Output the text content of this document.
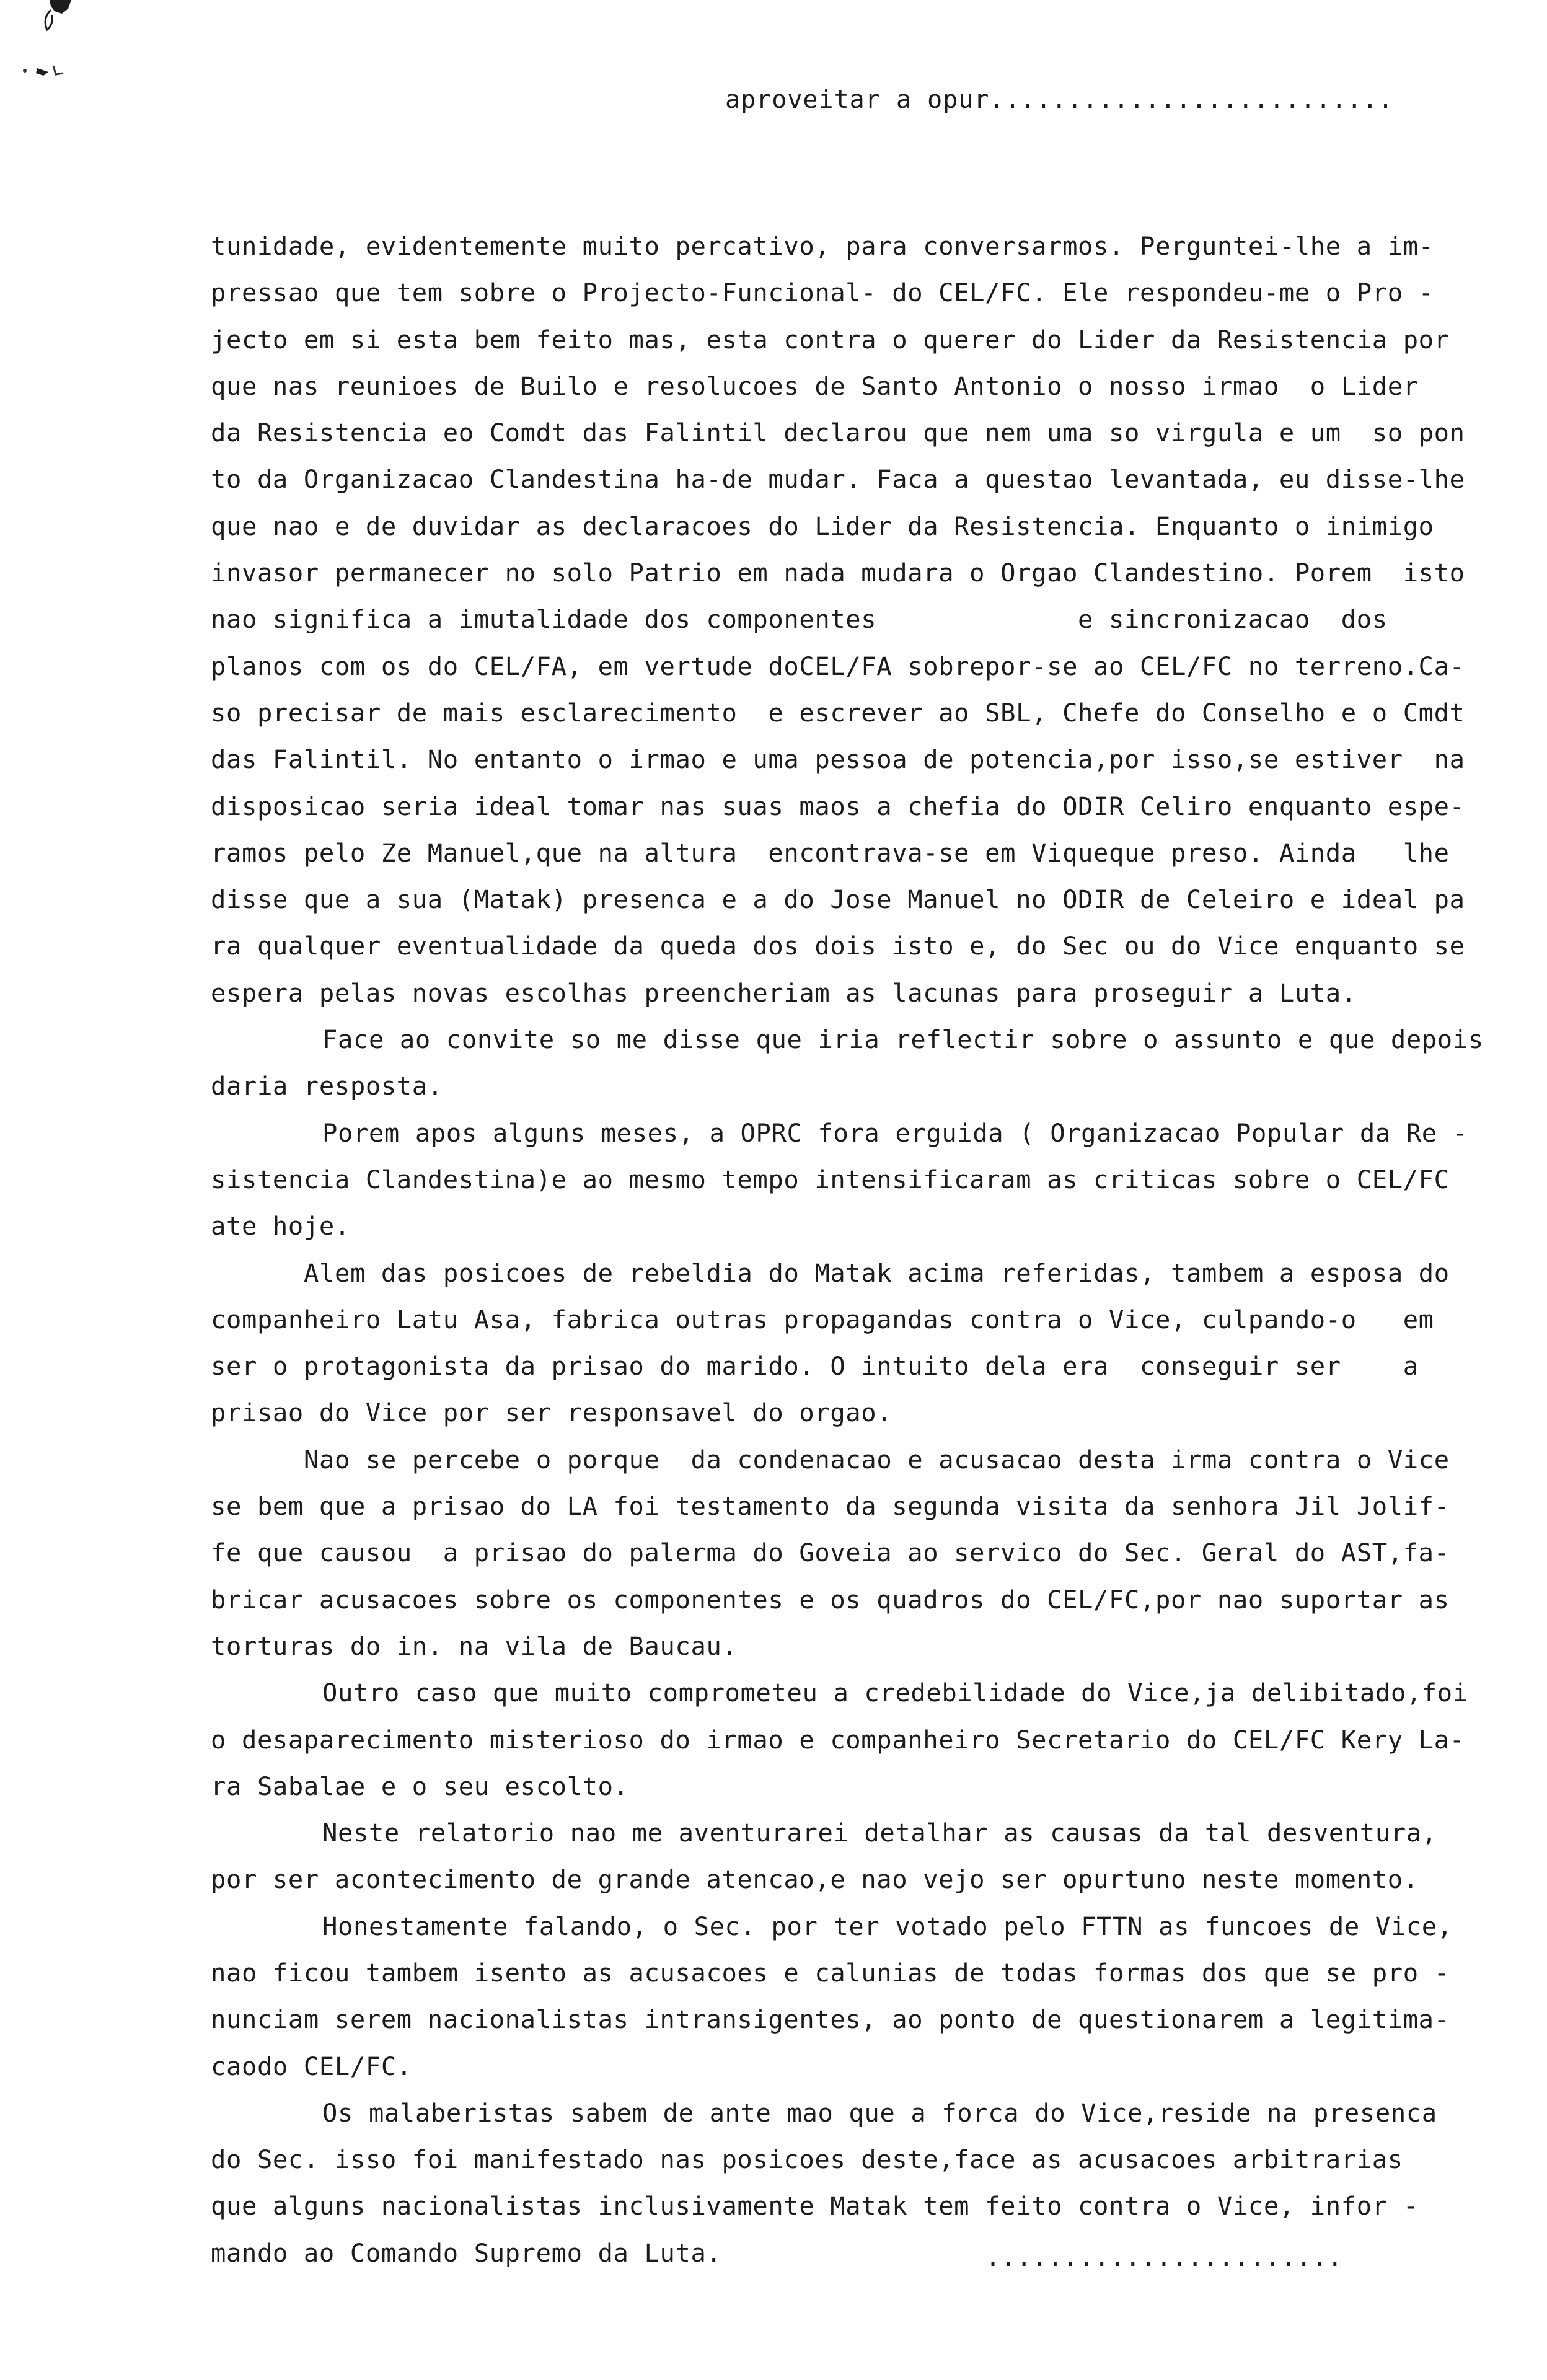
aproveitar a opur..........................
tunidade, evidentemente muito percativo, para conversarmos. Perguntei-lhe a im-
pressao que tem sobre o Projecto-Funcional- do CEL/FC. Ele respondeu-me o Pro -
jecto em si esta bem feito mas, esta contra o querer do Lider da Resistencia por
que nas reunioes de Builo e resolucoes de Santo Antonio o nosso irmao  o Lider
da Resistencia eo Comdt das Falintil declarou que nem uma so virgula e um  so pon
to da Organizacao Clandestina ha-de mudar. Faca a questao levantada, eu disse-lhe
que nao e de duvidar as declaracoes do Lider da Resistencia. Enquanto o inimigo
invasor permanecer no solo Patrio em nada mudara o Orgao Clandestino. Porem  isto
nao significa a imutalidade dos componentes             e sincronizacao  dos
planos com os do CEL/FA, em vertude doCEL/FA sobrepor-se ao CEL/FC no terreno.Ca-
so precisar de mais esclarecimento  e escrever ao SBL, Chefe do Conselho e o Cmdt
das Falintil. No entanto o irmao e uma pessoa de potencia,por isso,se estiver  na
disposicao seria ideal tomar nas suas maos a chefia do ODIR Celiro enquanto espe-
ramos pelo Ze Manuel,que na altura  encontrava-se em Viqueque preso. Ainda   lhe
disse que a sua (Matak) presenca e a do Jose Manuel no ODIR de Celeiro e ideal pa
ra qualquer eventualidade da queda dos dois isto e, do Sec ou do Vice enquanto se
espera pelas novas escolhas preencheriam as lacunas para proseguir a Luta.
Face ao convite so me disse que iria reflectir sobre o assunto e que depois
daria resposta.
Porem apos alguns meses, a OPRC fora erguida ( Organizacao Popular da Re -
sistencia Clandestina)e ao mesmo tempo intensificaram as criticas sobre o CEL/FC
ate hoje.
Alem das posicoes de rebeldia do Matak acima referidas, tambem a esposa do
companheiro Latu Asa, fabrica outras propagandas contra o Vice, culpando-o   em
ser o protagonista da prisao do marido. O intuito dela era  conseguir ser    a
prisao do Vice por ser responsavel do orgao.
Nao se percebe o porque  da condenacao e acusacao desta irma contra o Vice
se bem que a prisao do LA foi testamento da segunda visita da senhora Jil Jolif-
fe que causou  a prisao do palerma do Goveia ao servico do Sec. Geral do AST,fa-
bricar acusacoes sobre os componentes e os quadros do CEL/FC,por nao suportar as
torturas do in. na vila de Baucau.
Outro caso que muito comprometeu a credebilidade do Vice,ja delibitado,foi
o desaparecimento misterioso do irmao e companheiro Secretario do CEL/FC Kery La-
ra Sabalae e o seu escolto.
Neste relatorio nao me aventurarei detalhar as causas da tal desventura,
por ser acontecimento de grande atencao,e nao vejo ser opurtuno neste momento.
Honestamente falando, o Sec. por ter votado pelo FTTN as funcoes de Vice,
nao ficou tambem isento as acusacoes e calunias de todas formas dos que se pro -
nunciam serem nacionalistas intransigentes, ao ponto de questionarem a legitima-
caodo CEL/FC.
Os malaberistas sabem de ante mao que a forca do Vice,reside na presenca
do Sec. isso foi manifestado nas posicoes deste,face as acusacoes arbitrarias
que alguns nacionalistas inclusivamente Matak tem feito contra o Vice, infor -
mando ao Comando Supremo da Luta.	.......................
